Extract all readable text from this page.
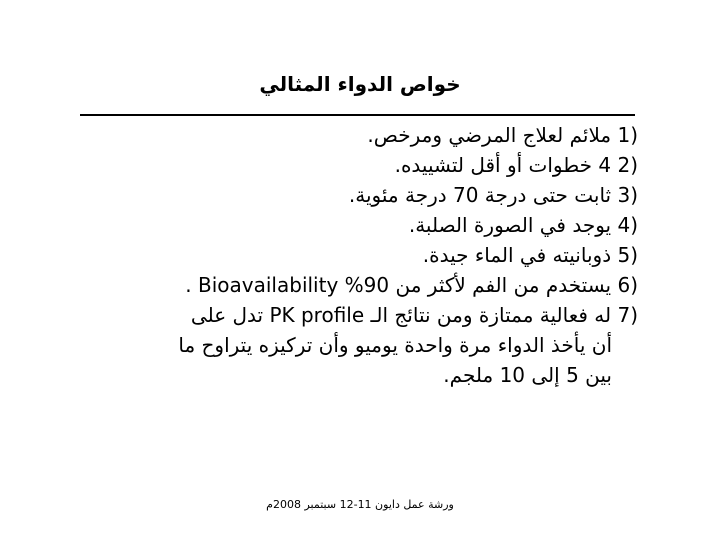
خواص الدواء المثالي
1) ملائم لعلاج المرضي ومرخص.
2) 4 خطوات أو أقل لتشييده.
3) ثابت حتى درجة 70 درجة مئوية.
4) يوجد في الصورة الصلبة.
5) ذوبانيته في الماء جيدة.
6) يستخدم من الفم لأكثر من 90% Bioavailability .
7) له فعالية ممتازة ومن نتائج الـ PK profile تدل على
أن يأخذ الدواء مرة واحدة يوميو وأن تركيزه يتراوح ما
بين 5 إلى 10 ملجم.
ورشة عمل دايون 11-12 سبتمبر 2008م
